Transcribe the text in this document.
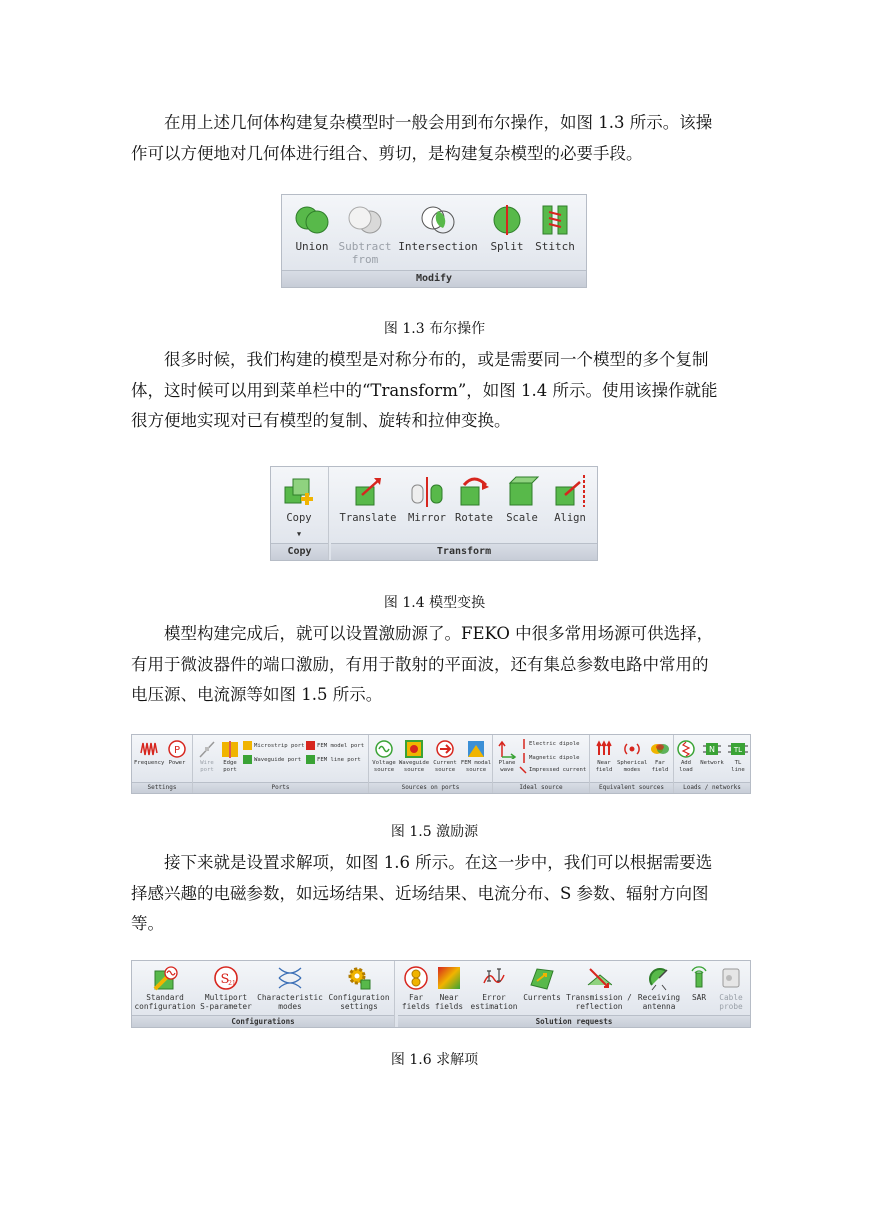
在用上述几何体构建复杂模型时一般会用到布尔操作，如图 1.3 所示。该操
作可以方便地对几何体进行组合、剪切，是构建复杂模型的必要手段。
Union Subtract
from
Intersection	Split	Stitch
Modify
图 1.3 布尔操作
很多时候，我们构建的模型是对称分布的，或是需要同一个模型的多个复制
体，这时候可以用到菜单栏中的“Transform”，如图 1.4 所示。使用该操作就能
很方便地实现对已有模型的复制、旋转和拉伸变换。
Copy
▾
Copy
Translate	Mirror Rotate	Scale	Align
Transform
图 1.4 模型变换
模型构建完成后，就可以设置激励源了。FEKO 中很多常用场源可供选择，
有用于微波器件的端口激励，有用于散射的平面波，还有集总参数电路中常用的
电压源、电流源等如图 1.5 所示。
Frequency
P
Power
Settings
Wire
port
Edge
port
Microstrip port
Waveguide port
FEM model port
FEM line port
Ports
Voltage
source
Waveguide
source
Current
source
FEM modal
source
Sources on ports
Plane
wave
Electric dipole
Magnetic dipole
Impressed current
Ideal source
Near
field
Spherical
modes
Far
field
Equivalent sources
Add
load
N
Network
TL
TL
line
Loads / networks
图 1.5 激励源
接下来就是设置求解项，如图 1.6 所示。在这一步中，我们可以根据需要选
择感兴趣的电磁参数，如远场结果、近场结果、电流分布、S 参数、辐射方向图
等。
Standard
configuration
S
21
Multiport
S-parameter
Characteristic
modes
Configuration
settings
Configurations
Far
fields
Near
fields
Error
estimation
Currents Transmission /
reflection
Receiving
antenna
SAR	Cable
probe
Solution requests
图 1.6 求解项
